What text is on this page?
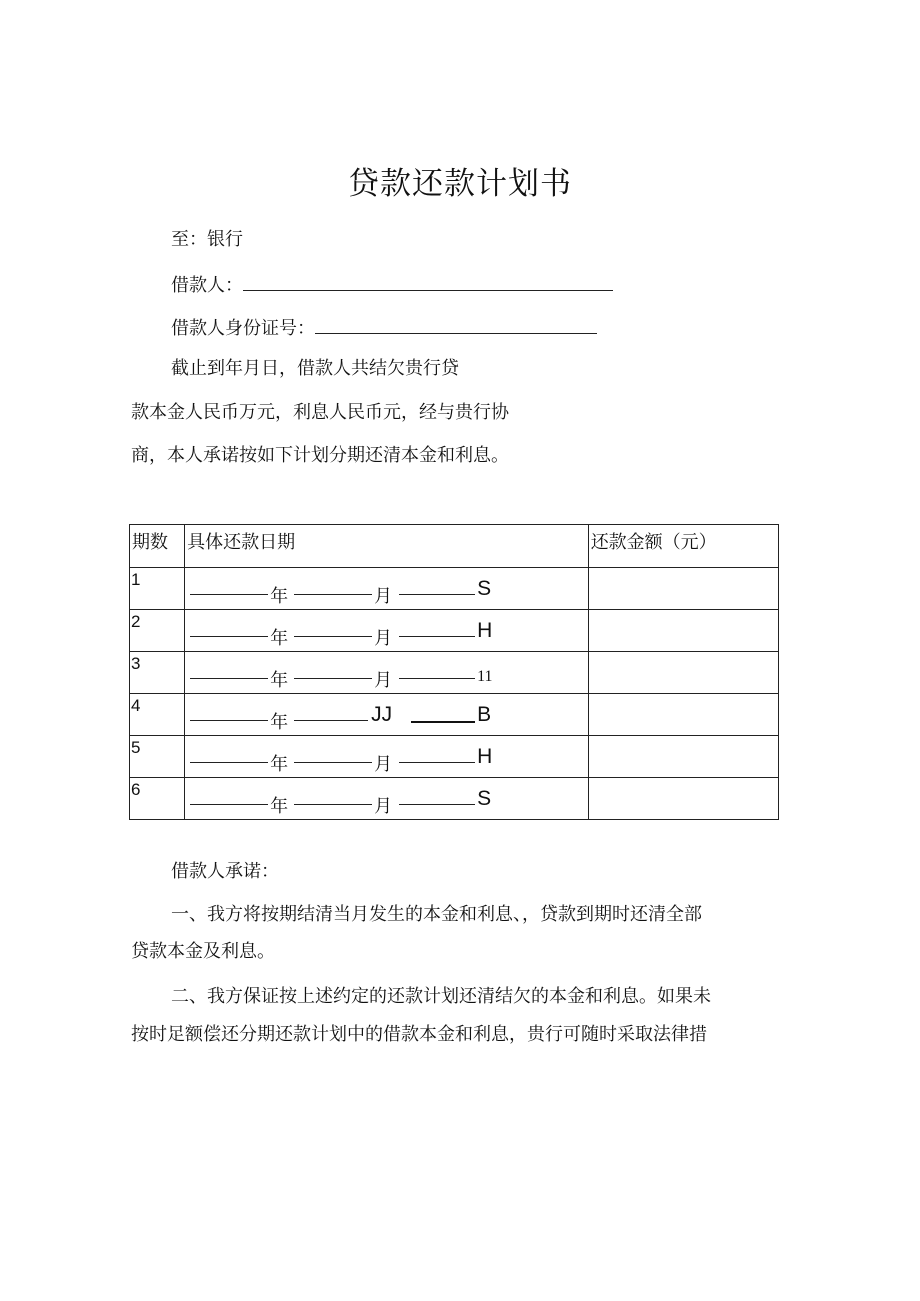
贷款还款计划书
至：银行
借款人：
借款人身份证号：
截止到年月日，借款人共结欠贵行贷
款本金人民币万元，利息人民币元，经与贵行协
商，本人承诺按如下计划分期还清本金和利息。
期数	具体还款日期	还款金额（元）

1	年 月 S	

2	年 月 H	

3	年 月 11	

4	年 JJ B	

5	年 月 H	

6	年 月 S	

借款人承诺：
一、我方将按期结清当月发生的本金和利息、，贷款到期时还清全部
贷款本金及利息。
二、我方保证按上述约定的还款计划还清结欠的本金和利息。如果未
按时足额偿还分期还款计划中的借款本金和利息，贵行可随时采取法律措
